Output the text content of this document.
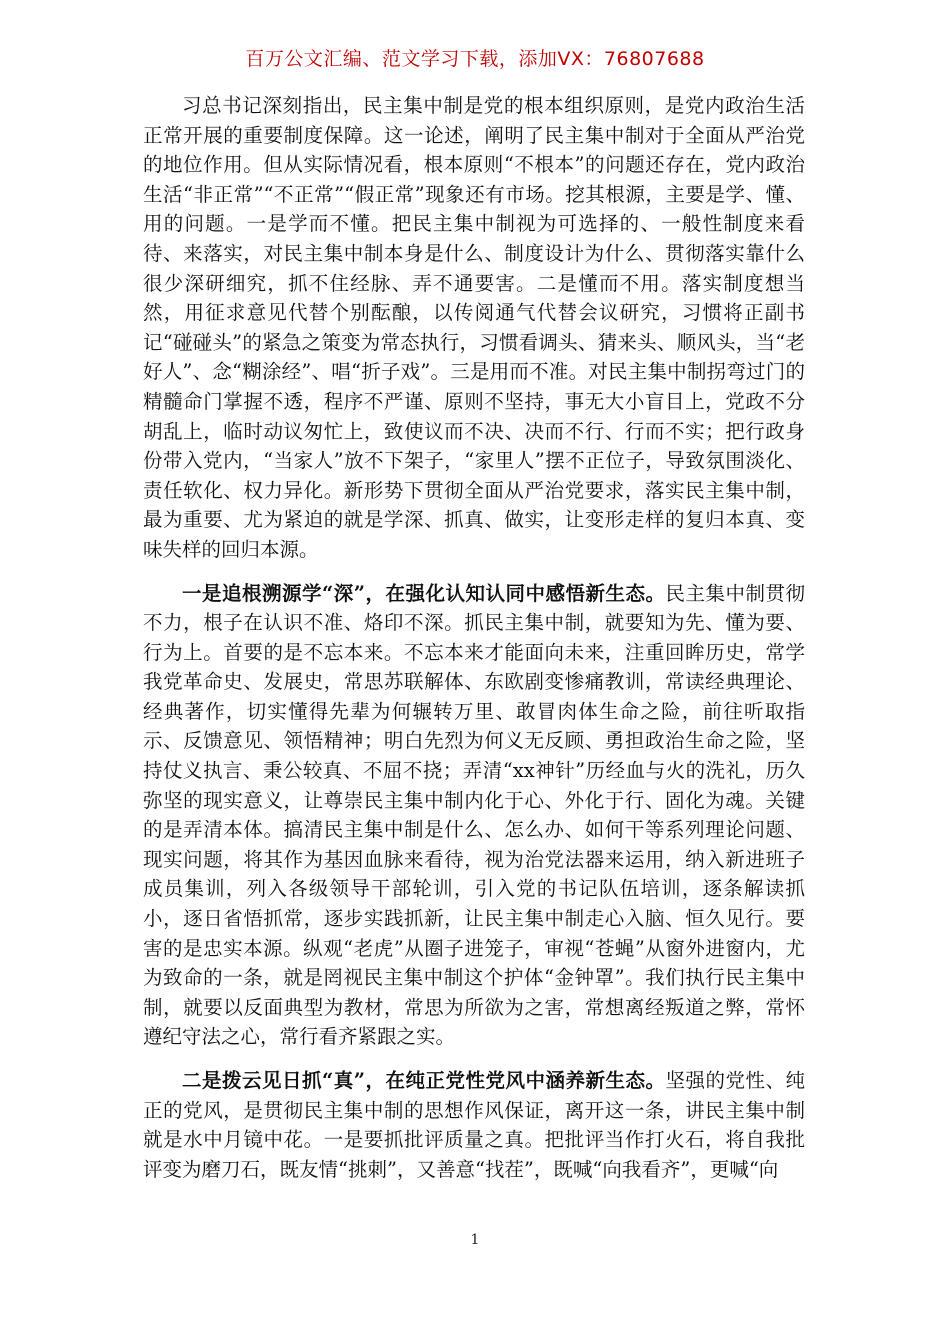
百万公文汇编、范文学习下载，添加VX：76807688

习总书记深刻指出，民主集中制是党的根本组织原则，是党内政治生活正常开展的重要制度保障。这一论述，阐明了民主集中制对于全面从严治党的地位作用。但从实际情况看，根本原则“不根本”的问题还存在，党内政治生活“非正常”“不正常”“假正常”现象还有市场。挖其根源，主要是学、懂、用的问题。一是学而不懂。把民主集中制视为可选择的、一般性制度来看待、来落实，对民主集中制本身是什么、制度设计为什么、贯彻落实靠什么很少深研细究，抓不住经脉、弄不通要害。二是懂而不用。落实制度想当然，用征求意见代替个别酝酿，以传阅通气代替会议研究，习惯将正副书记“碰碰头”的紧急之策变为常态执行，习惯看调头、猜来头、顺风头，当“老好人”、念“糊涂经”、唱“折子戏”。三是用而不准。对民主集中制拐弯过门的精髓命门掌握不透，程序不严谨、原则不坚持，事无大小盲目上，党政不分胡乱上，临时动议匆忙上，致使议而不决、决而不行、行而不实；把行政身份带入党内，“当家人”放不下架子，“家里人”摆不正位子，导致氛围淡化、责任软化、权力异化。新形势下贯彻全面从严治党要求，落实民主集中制，最为重要、尤为紧迫的就是学深、抓真、做实，让变形走样的复归本真、变味失样的回归本源。

一是追根溯源学“深”，在强化认知认同中感悟新生态。民主集中制贯彻不力，根子在认识不准、烙印不深。抓民主集中制，就要知为先、懂为要、行为上。首要的是不忘本来。不忘本来才能面向未来，注重回眸历史，常学我党革命史、发展史，常思苏联解体、东欧剧变惨痛教训，常读经典理论、经典著作，切实懂得先辈为何辗转万里、敢冒肉体生命之险，前往听取指示、反馈意见、领悟精神；明白先烈为何义无反顾、勇担政治生命之险，坚持仗义执言、秉公较真、不屈不挠；弄清“xx神针”历经血与火的洗礼，历久弥坚的现实意义，让尊崇民主集中制内化于心、外化于行、固化为魂。关键的是弄清本体。搞清民主集中制是什么、怎么办、如何干等系列理论问题、现实问题，将其作为基因血脉来看待，视为治党法器来运用，纳入新进班子成员集训，列入各级领导干部轮训，引入党的书记队伍培训，逐条解读抓小，逐日省悟抓常，逐步实践抓新，让民主集中制走心入脑、恒久见行。要害的是忠实本源。纵观“老虎”从圈子进笼子，审视“苍蝇”从窗外进窗内，尤为致命的一条，就是罔视民主集中制这个护体“金钟罩”。我们执行民主集中制，就要以反面典型为教材，常思为所欲为之害，常想离经叛道之弊，常怀遵纪守法之心，常行看齐紧跟之实。

二是拨云见日抓“真”，在纯正党性党风中涵养新生态。坚强的党性、纯正的党风，是贯彻民主集中制的思想作风保证，离开这一条，讲民主集中制就是水中月镜中花。一是要抓批评质量之真。把批评当作打火石，将自我批评变为磨刀石，既友情“挑刺”，又善意“找茬”，既喊“向我看齐”，更喊“向

1
